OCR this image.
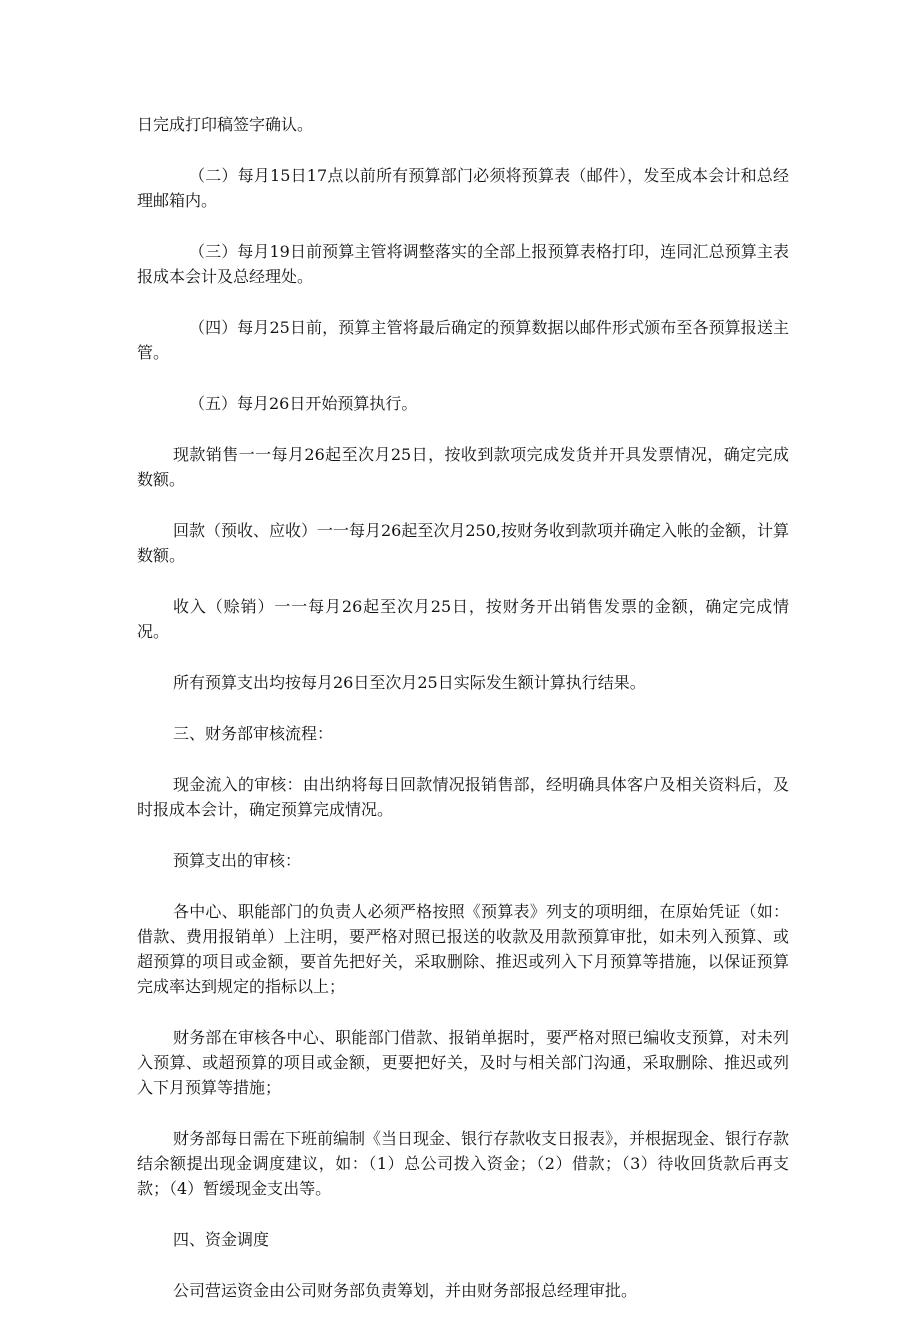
日完成打印稿签字确认。

（二）每月15日17点以前所有预算部门必须将预算表（邮件），发至成本会计和总经理邮箱内。

（三）每月19日前预算主管将调整落实的全部上报预算表格打印，连同汇总预算主表报成本会计及总经理处。

（四）每月25日前，预算主管将最后确定的预算数据以邮件形式颁布至各预算报送主管。

（五）每月26日开始预算执行。

现款销售一一每月26起至次月25日，按收到款项完成发货并开具发票情况，确定完成数额。

回款（预收、应收）一一每月26起至次月250,按财务收到款项并确定入帐的金额，计算数额。

收入（赊销）一一每月26起至次月25日，按财务开出销售发票的金额，确定完成情况。

所有预算支出均按每月26日至次月25日实际发生额计算执行结果。

三、财务部审核流程：

现金流入的审核：由出纳将每日回款情况报销售部，经明确具体客户及相关资料后，及时报成本会计，确定预算完成情况。

预算支出的审核：

各中心、职能部门的负责人必须严格按照《预算表》列支的项明细，在原始凭证（如：借款、费用报销单）上注明，要严格对照已报送的收款及用款预算审批，如未列入预算、或超预算的项目或金额，要首先把好关，采取删除、推迟或列入下月预算等措施，以保证预算完成率达到规定的指标以上；

财务部在审核各中心、职能部门借款、报销单据时，要严格对照已编收支预算，对未列入预算、或超预算的项目或金额，更要把好关，及时与相关部门沟通，采取删除、推迟或列入下月预算等措施；

财务部每日需在下班前编制《当日现金、银行存款收支日报表》，并根据现金、银行存款结余额提出现金调度建议，如：（1）总公司拨入资金；（2）借款；（3）待收回货款后再支款；（4）暂缓现金支出等。

四、资金调度

公司营运资金由公司财务部负责筹划，并由财务部报总经理审批。
